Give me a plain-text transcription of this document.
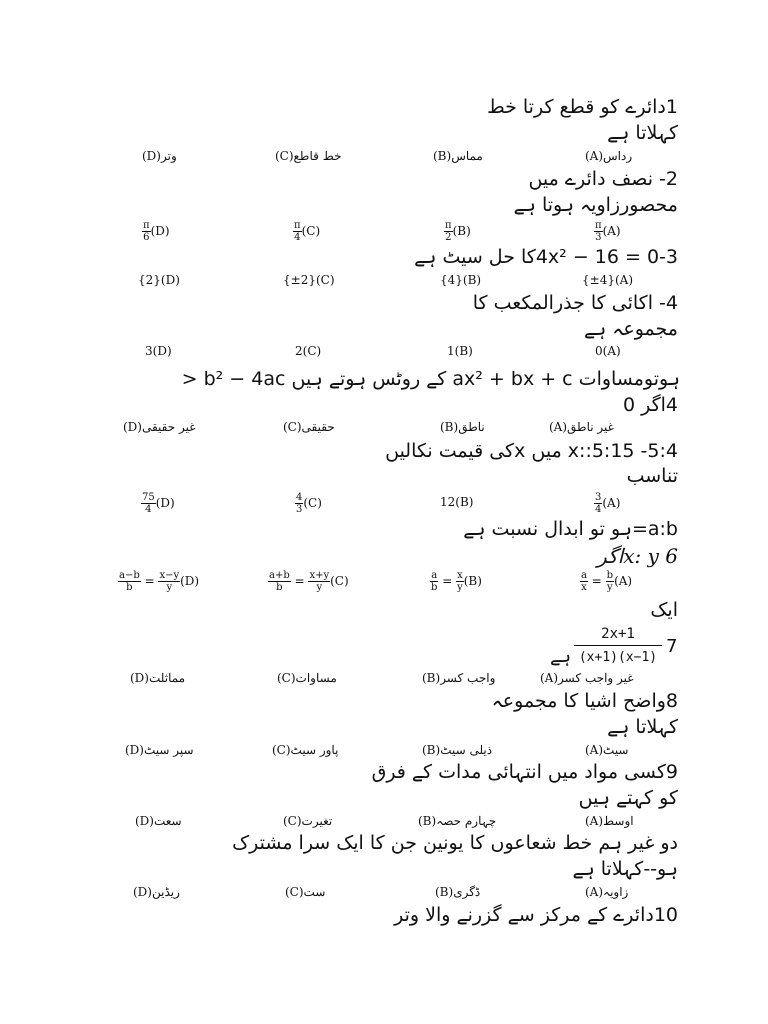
1دائرے کو قطع کرتا خط
کہلاتا ہے
(A)رداس
(B)مماس
(C)خط قاطع
(D)وتر
2- نصف دائرے میں
محصورزاویہ ہوتا ہے
$\frac{\pi}{3} (A)$
$\frac{\pi}{2} (B)$
$\frac{\pi}{4} (C)$
$\frac{\pi}{6} (D)$
4x² − 16 = 0-3کا حل سیٹ ہے
{±4}(A)
{4}(B)
{±2}(C)
{2}(D)
4- اکائی کا جذرالمکعب کا
مجموعہ ہے
0(A)
1(B)
2(C)
3(D)
ہوتومساوات ax² + bx + c کے روٹس ہوتے ہیں b² − 4ac <
4اگر 0
(A)غیر ناطق
(B)ناطق
(C)حقیقی
(D)غیر حقیقی
4:x::5:15 -5 میں xکی قیمت نکالیں
تناسب
$\frac{3}{4} (A)$
12(B)
$\frac{4}{3} (C)$
$\frac{75}{4} (D)$
a:b=ہو تو ابدال نسبت ہے
x: y 6اگر
$\frac{a}{x} = \frac{b}{y} (A)$
$\frac{a}{b} = \frac{x}{y} (B)$
$\frac{a+b}{b} = \frac{x+y}{y} (C)$
$\frac{a-b}{b} = \frac{x-y}{y} (D)$
ایک
ہے
2x+1
(x+1)(x−1)
7
(A)غیر واجب کسر
(B)واجب کسر
(C)مساوات
(D)مماثلت
8واضح اشیا کا مجموعہ
کہلاتا ہے
(A)سیٹ
(B)ذیلی سیٹ
(C)پاور سیٹ
(D)سپر سیٹ
9کسی مواد میں انتہائی مدات کے فرق
کو کہتے ہیں
(A)اوسط
(B)چہارم حصہ
(C)تغیرت
(D)سعت
دو غیر ہم خط شعاعوں کا یونین جن کا ایک سرا مشترک
ہو--کہلاتا ہے
(A)زاویہ
(B)ڈگری
(C)ست
(D)ریڈین
10دائرے کے مرکز سے گزرنے والا وتر
